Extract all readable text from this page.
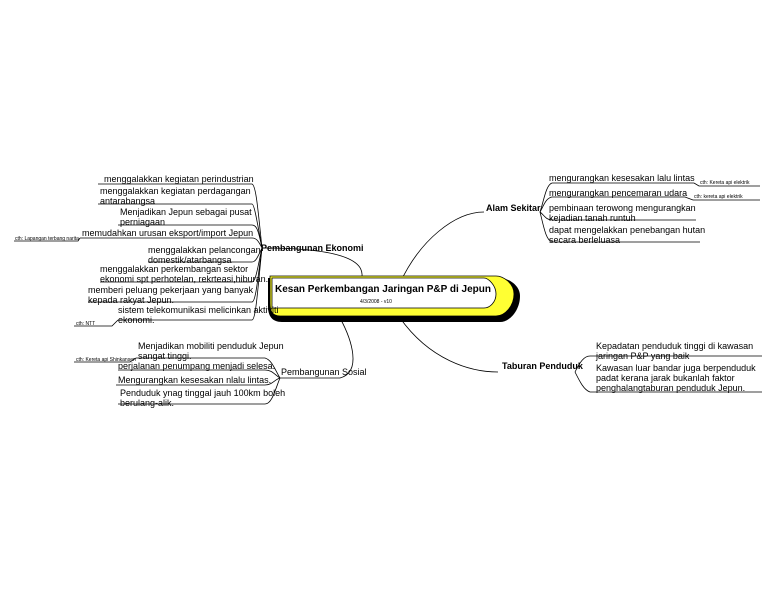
Kesan Perkembangan Jaringan P&P di Jepun
4/3/2008 - v10
Pembangunan Ekonomi
Pembangunan Sosial
Alam Sekitar
Taburan Penduduk
menggalakkan kegiatan perindustrian
menggalakkan kegiatan perdagangan
antarabangsa
Menjadikan Jepun sebagai pusat
perniagaan
memudahkan urusan eksport/import Jepun
menggalakkan pelancongan
domestik/atarbangsa
menggalakkan perkembangan sektor
ekonomi spt perhotelan, rekrteasi,hiburan.
memberi peluang pekerjaan yang banyak
kepada rakyat Jepun.
sistem telekomunikasi melicinkan aktiviti
ekonomi.
cth: Lapangan terbang narita
cth: NTT
Menjadikan mobiliti penduduk Jepun
sangat tinggi.
perjalanan penumpang menjadi selesa.
Mengurangkan kesesakan nlalu lintas.
Penduduk ynag tinggal jauh 100km boleh
berulang-alik.
cth: Kereta api Shinkansen
mengurangkan kesesakan lalu lintas
mengurangkan pencemaran udara
pembinaan terowong mengurangkan
kejadian tanah runtuh
dapat mengelakkan penebangan hutan
secara berleluasa
cth: Kereta api elektrik
cth: kereta api elektrik
Kepadatan penduduk tinggi di kawasan
jaringan P&P yang baik
Kawasan luar bandar juga berpenduduk
padat kerana jarak bukanlah faktor
penghalangtaburan penduduk Jepun.
